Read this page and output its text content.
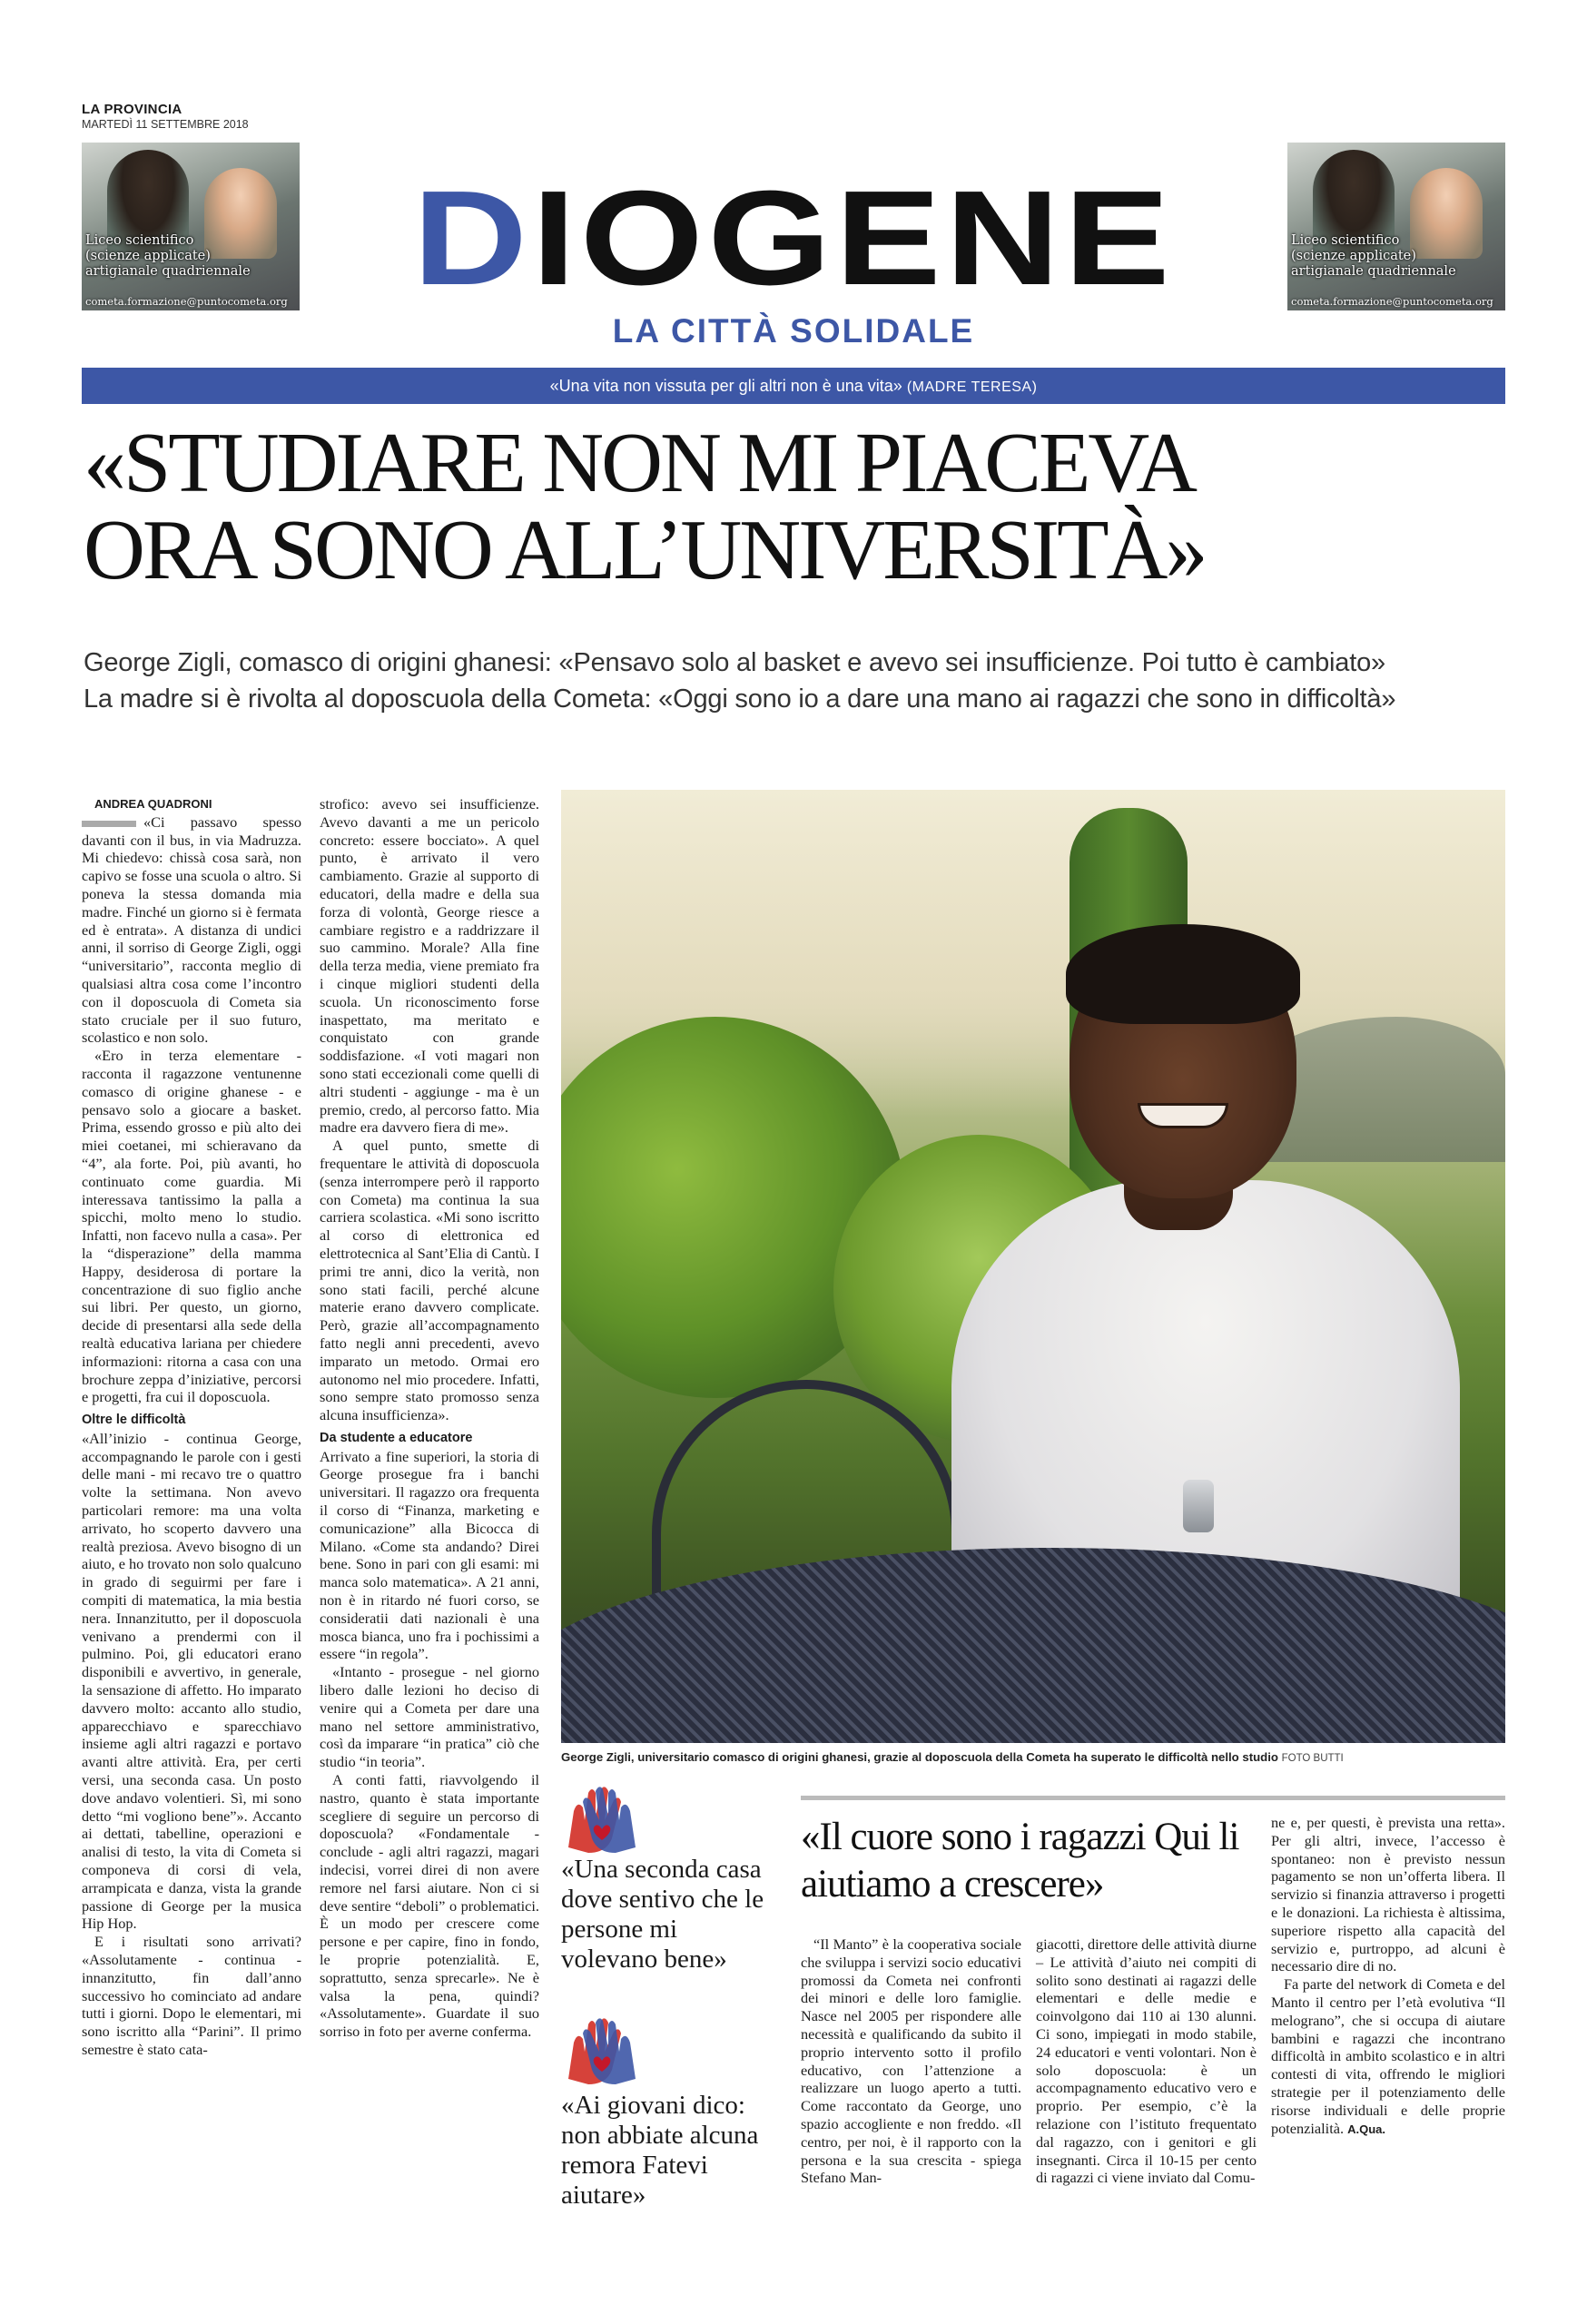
LA PROVINCIA
MARTEDÌ 11 SETTEMBRE 2018
Liceo scientifico
(scienze applicate)
artigianale quadriennale
cometa.formazione@puntocometa.org
Liceo scientifico
(scienze applicate)
artigianale quadriennale
cometa.formazione@puntocometa.org
DIOGENE
LA CITTÀ SOLIDALE
«Una vita non vissuta per gli altri non è una vita» (MADRE TERESA)
«STUDIARE NON MI PIACEVA
ORA SONO ALL’UNIVERSITÀ»
George Zigli, comasco di origini ghanesi: «Pensavo solo al basket e avevo sei insufficienze. Poi tutto è cambiato»
La madre si è rivolta al doposcuola della Cometa: «Oggi sono io a dare una mano ai ragazzi che sono in difficoltà»

ANDREA QUADRONI

«Ci passavo spesso davanti con il bus, in via Madruzza. Mi chiedevo: chissà cosa sarà, non capivo se fosse una scuola o altro. Si poneva la stessa domanda mia madre. Finché un giorno si è fermata ed è entrata». A distanza di undici anni, il sorriso di George Zigli, oggi “universitario”, racconta meglio di qualsiasi altra cosa come l’incontro con il doposcuola di Cometa sia stato cruciale per il suo futuro, scolastico e non solo.

«Ero in terza elementare - racconta il ragazzone ventunenne comasco di origine ghanese - e pensavo solo a giocare a basket. Prima, essendo grosso e più alto dei miei coetanei, mi schieravano da “4”, ala forte. Poi, più avanti, ho continuato come guardia. Mi interessava tantissimo la palla a spicchi, molto meno lo studio. Infatti, non facevo nulla a casa». Per la “disperazione” della mamma Happy, desiderosa di portare la concentrazione di suo figlio anche sui libri. Per questo, un giorno, decide di presentarsi alla sede della realtà educativa lariana per chiedere informazioni: ritorna a casa con una brochure zeppa d’iniziative, percorsi e progetti, fra cui il doposcuola.

Oltre le difficoltà

«All’inizio - continua George, accompagnando le parole con i gesti delle mani - mi recavo tre o quattro volte la settimana. Non avevo particolari remore: ma una volta arrivato, ho scoperto davvero una realtà preziosa. Avevo bisogno di un aiuto, e ho trovato non solo qualcuno in grado di seguirmi per fare i compiti di matematica, la mia bestia nera. Innanzitutto, per il doposcuola venivano a prendermi con il pulmino. Poi, gli educatori erano disponibili e avvertivo, in generale, la sensazione di affetto. Ho imparato davvero molto: accanto allo studio, apparecchiavo e sparecchiavo insieme agli altri ragazzi e portavo avanti altre attività. Era, per certi versi, una seconda casa. Un posto dove andavo volentieri. Sì, mi sono detto “mi vogliono bene”». Accanto ai dettati, tabelline, operazioni e analisi di testo, la vita di Cometa si componeva di corsi di vela, arrampicata e danza, vista la grande passione di George per la musica Hip Hop.

E i risultati sono arrivati? «Assolutamente - continua - innanzitutto, fin dall’anno successivo ho cominciato ad andare tutti i giorni. Dopo le elementari, mi sono iscritto alla “Parini”. Il primo semestre è stato cata-

strofico: avevo sei insufficienze. Avevo davanti a me un pericolo concreto: essere bocciato». A quel punto, è arrivato il vero cambiamento. Grazie al supporto di educatori, della madre e della sua forza di volontà, George riesce a cambiare registro e a raddrizzare il suo cammino. Morale? Alla fine della terza media, viene premiato fra i cinque migliori studenti della scuola. Un riconoscimento forse inaspettato, ma meritato e conquistato con grande soddisfazione. «I voti magari non sono stati eccezionali come quelli di altri studenti - aggiunge - ma è un premio, credo, al percorso fatto. Mia madre era davvero fiera di me».

A quel punto, smette di frequentare le attività di doposcuola (senza interrompere però il rapporto con Cometa) ma continua la sua carriera scolastica. «Mi sono iscritto al corso di elettronica ed elettrotecnica al Sant’Elia di Cantù. I primi tre anni, dico la verità, non sono stati facili, perché alcune materie erano davvero complicate. Però, grazie all’accompagnamento fatto negli anni precedenti, avevo imparato un metodo. Ormai ero autonomo nel mio procedere. Infatti, sono sempre stato promosso senza alcuna insufficienza».

Da studente a educatore

Arrivato a fine superiori, la storia di George prosegue fra i banchi universitari. Il ragazzo ora frequenta il corso di “Finanza, marketing e comunicazione” alla Bicocca di Milano. «Come sta andando? Direi bene. Sono in pari con gli esami: mi manca solo matematica». A 21 anni, non è in ritardo né fuori corso, se consideratii dati nazionali è una mosca bianca, uno fra i pochissimi a essere “in regola”.

«Intanto - prosegue - nel giorno libero dalle lezioni ho deciso di venire qui a Cometa per dare una mano nel settore amministrativo, così da imparare “in pratica” ciò che studio “in teoria”.

A conti fatti, riavvolgendo il nastro, quanto è stata importante scegliere di seguire un percorso di doposcuola? «Fondamentale - conclude - agli altri ragazzi, magari indecisi, vorrei direi di non avere remore nel farsi aiutare. Non ci si deve sentire “deboli” o problematici. È un modo per crescere come persone e per capire, fino in fondo, le proprie potenzialità. E, soprattutto, senza sprecarle». Ne è valsa la pena, quindi? «Assolutamente». Guardate il suo sorriso in foto per averne conferma.

George Zigli, universitario comasco di origini ghanesi, grazie al doposcuola della Cometa ha superato le difficoltà nello studio FOTO BUTTI
«Una seconda casa dove sentivo che le persone mi volevano bene»
«Ai giovani dico: non abbiate alcuna remora Fatevi aiutare»
«Il cuore sono i ragazzi Qui li aiutiamo a crescere»

“Il Manto” è la cooperativa sociale che sviluppa i servizi socio educativi promossi da Cometa nei confronti dei minori e delle loro famiglie. Nasce nel 2005 per rispondere alle necessità e qualificando da subito il proprio intervento sotto il profilo educativo, con l’attenzione a realizzare un luogo aperto a tutti. Come raccontato da George, uno spazio accogliente e non freddo. «Il centro, per noi, è il rapporto con la persona e la sua crescita - spiega Stefano Man-

giacotti, direttore delle attività diurne – Le attività d’aiuto nei compiti di solito sono destinati ai ragazzi delle elementari e delle medie e coinvolgono dai 110 ai 130 alunni. Ci sono, impiegati in modo stabile, 24 educatori e venti volontari. Non è solo doposcuola: è un accompagnamento educativo vero e proprio. Per esempio, c’è la relazione con l’istituto frequentato dal ragazzo, con i genitori e gli insegnanti. Circa il 10-15 per cento di ragazzi ci viene inviato dal Comu-

ne e, per questi, è prevista una retta». Per gli altri, invece, l’accesso è spontaneo: non è previsto nessun pagamento se non un’offerta libera. Il servizio si finanzia attraverso i progetti e le donazioni. La richiesta è altissima, superiore rispetto alla capacità del servizio e, purtroppo, ad alcuni è necessario dire di no.

Fa parte del network di Cometa e del Manto il centro per l’età evolutiva “Il melograno”, che si occupa di aiutare bambini e ragazzi che incontrano difficoltà in ambito scolastico e in altri contesti di vita, offrendo le migliori strategie per il potenziamento delle risorse individuali e delle proprie potenzialità. A.Qua.
